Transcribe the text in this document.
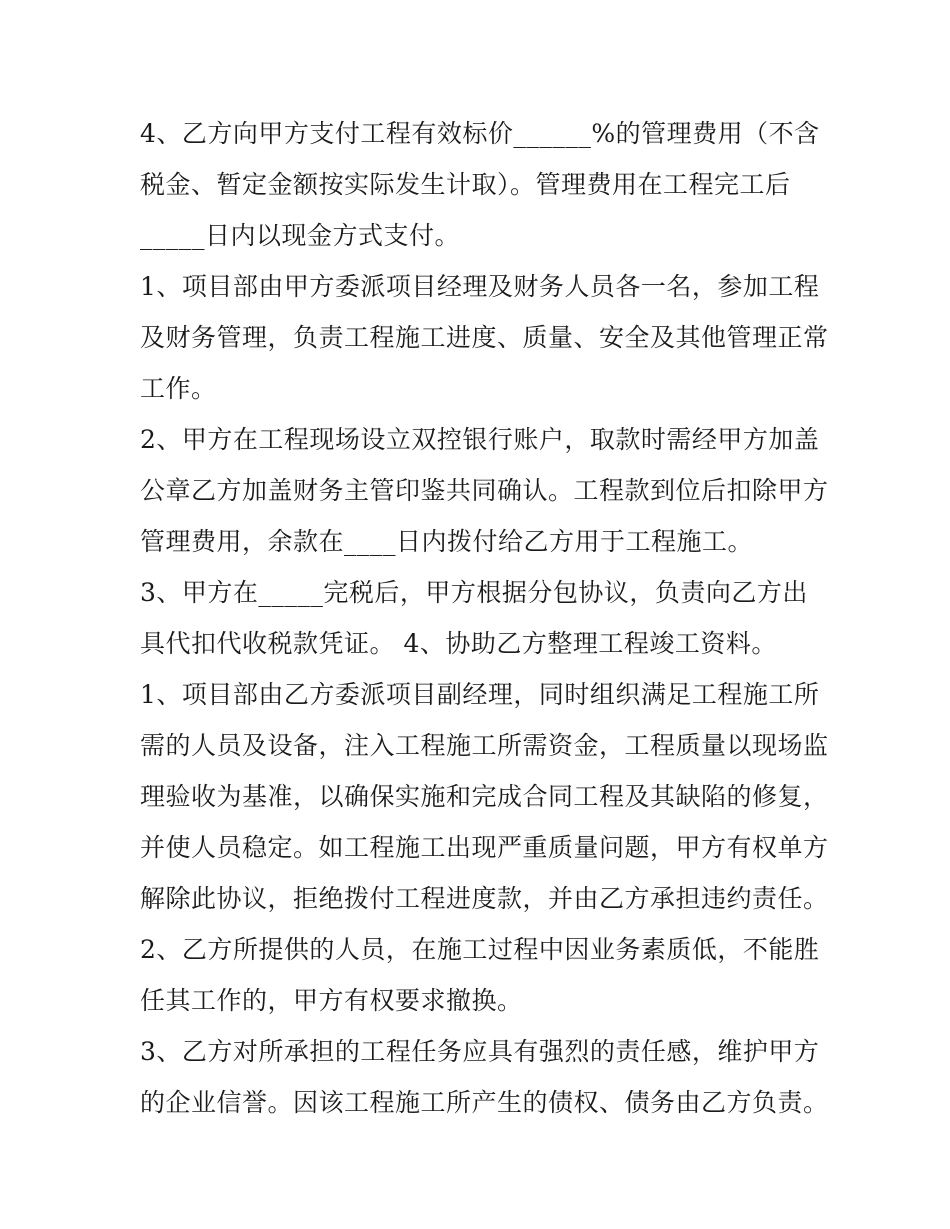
4、乙方向甲方支付工程有效标价______%的管理费用（不含
税金、暂定金额按实际发生计取）。管理费用在工程完工后
_____日内以现金方式支付。
1、项目部由甲方委派项目经理及财务人员各一名，参加工程
及财务管理，负责工程施工进度、质量、安全及其他管理正常
工作。
2、甲方在工程现场设立双控银行账户，取款时需经甲方加盖
公章乙方加盖财务主管印鉴共同确认。工程款到位后扣除甲方
管理费用，余款在____日内拨付给乙方用于工程施工。
3、甲方在_____完税后，甲方根据分包协议，负责向乙方出
具代扣代收税款凭证。 4、协助乙方整理工程竣工资料。
1、项目部由乙方委派项目副经理，同时组织满足工程施工所
需的人员及设备，注入工程施工所需资金，工程质量以现场监
理验收为基准，以确保实施和完成合同工程及其缺陷的修复，
并使人员稳定。如工程施工出现严重质量问题，甲方有权单方
解除此协议，拒绝拨付工程进度款，并由乙方承担违约责任。
2、乙方所提供的人员，在施工过程中因业务素质低，不能胜
任其工作的，甲方有权要求撤换。
3、乙方对所承担的工程任务应具有强烈的责任感，维护甲方
的企业信誉。因该工程施工所产生的债权、债务由乙方负责。
